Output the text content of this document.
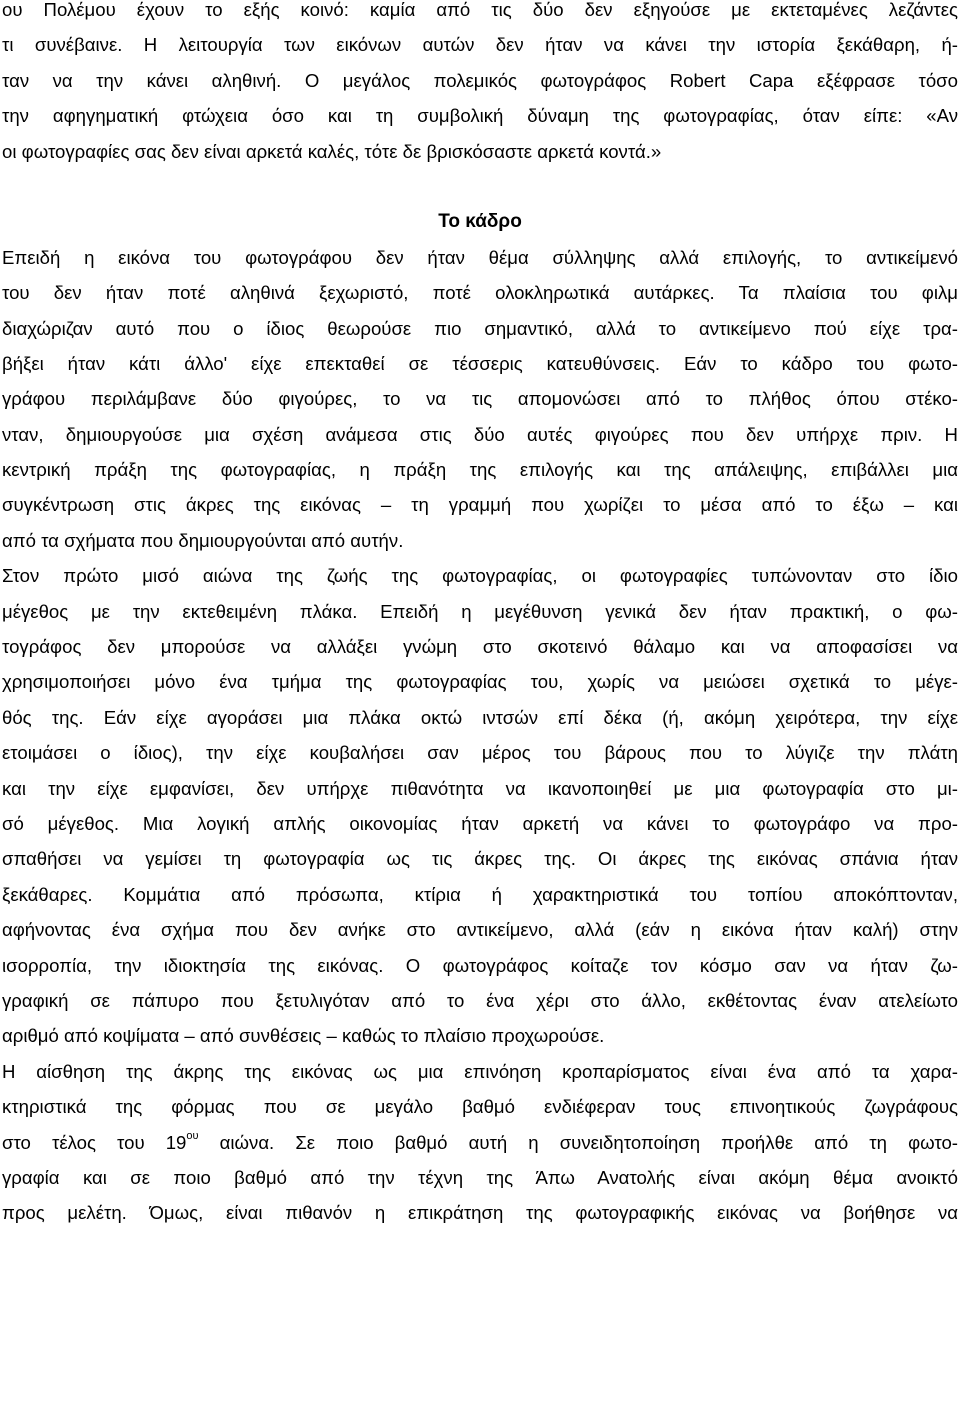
ου Πολέμου έχουν το εξής κοινό: καμία από τις δύο δεν εξηγούσε με εκτεταμένες λεζάντες
τι συνέβαινε. Η λειτουργία των εικόνων αυτών δεν ήταν να κάνει την ιστορία ξεκάθαρη, ή-
ταν να την κάνει αληθινή. Ο μεγάλος πολεμικός φωτογράφος Robert Capa εξέφρασε τόσο
την αφηγηματική φτώχεια όσο και τη συμβολική δύναμη της φωτογραφίας, όταν είπε: «Αν
οι φωτογραφίες σας δεν είναι αρκετά καλές, τότε δε βρισκόσαστε αρκετά κοντά.»
Το κάδρο
Επειδή η εικόνα του φωτογράφου δεν ήταν θέμα σύλληψης αλλά επιλογής, το αντικείμενό
του δεν ήταν ποτέ αληθινά ξεχωριστό, ποτέ ολοκληρωτικά αυτάρκες. Τα πλαίσια του φιλμ
διαχώριζαν αυτό που ο ίδιος θεωρούσε πιο σημαντικό, αλλά το αντικείμενο πού είχε τρα-
βήξει ήταν κάτι άλλο' είχε επεκταθεί σε τέσσερις κατευθύνσεις. Εάν το κάδρο του φωτο-
γράφου περιλάμβανε δύο φιγούρες, το να τις απομονώσει από το πλήθος όπου στέκο-
νταν, δημιουργούσε μια σχέση ανάμεσα στις δύο αυτές φιγούρες που δεν υπήρχε πριν. Η
κεντρική πράξη της φωτογραφίας, η πράξη της επιλογής και της απάλειψης, επιβάλλει μια
συγκέντρωση στις άκρες της εικόνας – τη γραμμή που χωρίζει το μέσα από το έξω – και
από τα σχήματα που δημιουργούνται από αυτήν.
Στον πρώτο μισό αιώνα της ζωής της φωτογραφίας, οι φωτογραφίες τυπώνονταν στο ίδιο
μέγεθος με την εκτεθειμένη πλάκα. Επειδή η μεγέθυνση γενικά δεν ήταν πρακτική, ο φω-
τογράφος δεν μπορούσε να αλλάξει γνώμη στο σκοτεινό θάλαμο και να αποφασίσει να
χρησιμοποιήσει μόνο ένα τμήμα της φωτογραφίας του, χωρίς να μειώσει σχετικά το μέγε-
θός της. Εάν είχε αγοράσει μια πλάκα οκτώ ιντσών επί δέκα (ή, ακόμη χειρότερα, την είχε
ετοιμάσει ο ίδιος), την είχε κουβαλήσει σαν μέρος του βάρους που το λύγιζε την πλάτη
και την είχε εμφανίσει, δεν υπήρχε πιθανότητα να ικανοποιηθεί με μια φωτογραφία στο μι-
σό μέγεθος. Μια λογική απλής οικονομίας ήταν αρκετή να κάνει το φωτογράφο να προ-
σπαθήσει να γεμίσει τη φωτογραφία ως τις άκρες της. Οι άκρες της εικόνας σπάνια ήταν
ξεκάθαρες. Κομμάτια από πρόσωπα, κτίρια ή χαρακτηριστικά του τοπίου αποκόπτονταν,
αφήνοντας ένα σχήμα που δεν ανήκε στο αντικείμενο, αλλά (εάν η εικόνα ήταν καλή) στην
ισορροπία, την ιδιοκτησία της εικόνας. Ο φωτογράφος κοίταζε τον κόσμο σαν να ήταν ζω-
γραφική σε πάπυρο που ξετυλιγόταν από το ένα χέρι στο άλλο, εκθέτοντας έναν ατελείωτο
αριθμό από κοψίματα – από συνθέσεις – καθώς το πλαίσιο προχωρούσε.
Η αίσθηση της άκρης της εικόνας ως μια επινόηση κροπαρίσματος είναι ένα από τα χαρα-
κτηριστικά της φόρμας που σε μεγάλο βαθμό ενδιέφεραν τους επινοητικούς ζωγράφους
στο τέλος του $19^{o\upsilon}$ αιώνα. Σε ποιο βαθμό αυτή η συνειδητοποίηση προήλθε από τη φωτο-
γραφία και σε ποιο βαθμό από την τέχνη της Άπω Ανατολής είναι ακόμη θέμα ανοικτό
προς μελέτη. Όμως, είναι πιθανόν η επικράτηση της φωτογραφικής εικόνας να βοήθησε να
